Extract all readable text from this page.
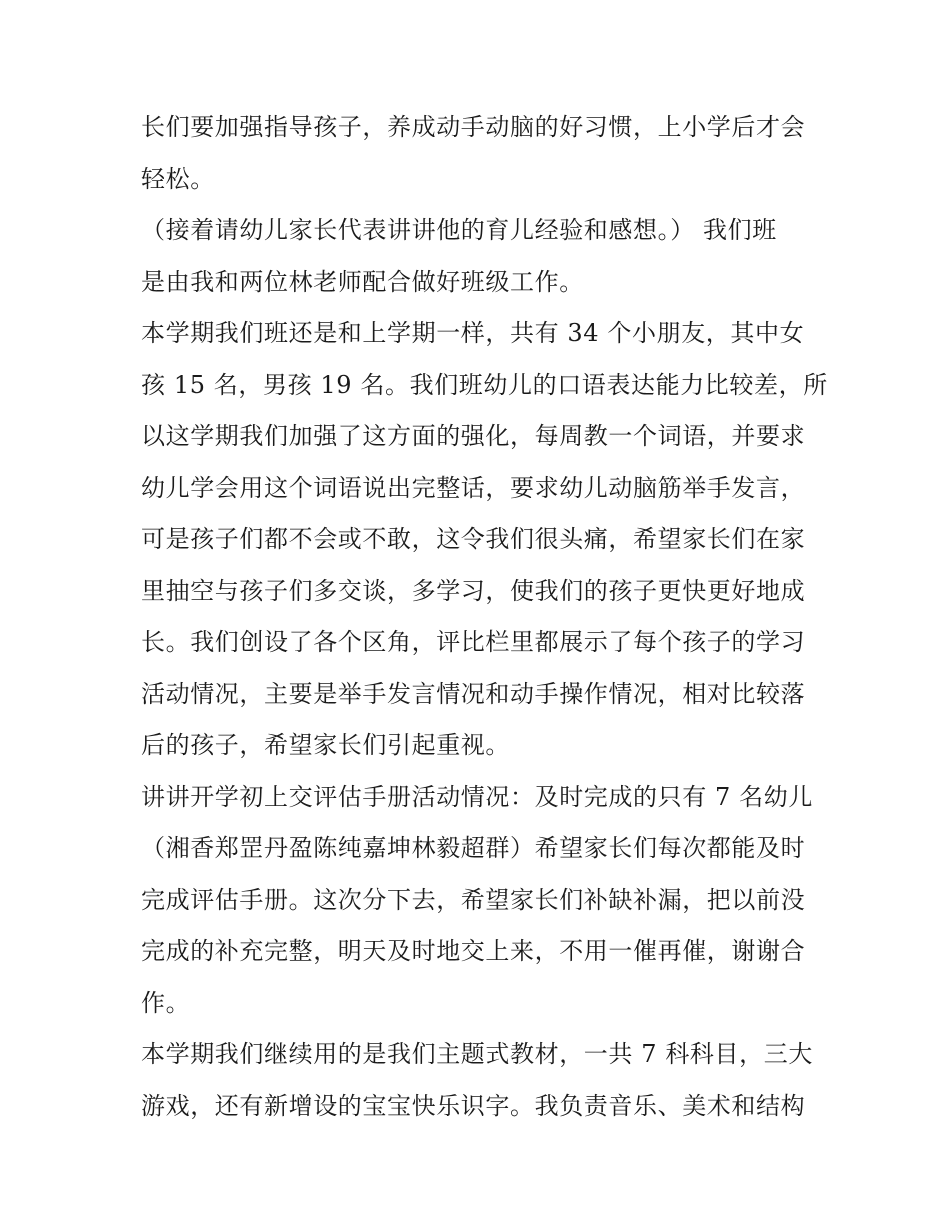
长们要加强指导孩子，养成动手动脑的好习惯，上小学后才会
轻松。
（接着请幼儿家长代表讲讲他的育儿经验和感想。） 我们班
是由我和两位林老师配合做好班级工作。
本学期我们班还是和上学期一样，共有 34 个小朋友，其中女
孩 15 名，男孩 19 名。我们班幼儿的口语表达能力比较差，所
以这学期我们加强了这方面的强化，每周教一个词语，并要求
幼儿学会用这个词语说出完整话，要求幼儿动脑筋举手发言，
可是孩子们都不会或不敢，这令我们很头痛，希望家长们在家
里抽空与孩子们多交谈，多学习，使我们的孩子更快更好地成
长。我们创设了各个区角，评比栏里都展示了每个孩子的学习
活动情况，主要是举手发言情况和动手操作情况，相对比较落
后的孩子，希望家长们引起重视。
讲讲开学初上交评估手册活动情况：及时完成的只有 7 名幼儿
（湘香郑罡丹盈陈纯嘉坤林毅超群）希望家长们每次都能及时
完成评估手册。这次分下去，希望家长们补缺补漏，把以前没
完成的补充完整，明天及时地交上来，不用一催再催，谢谢合
作。
本学期我们继续用的是我们主题式教材，一共 7 科科目，三大
游戏，还有新增设的宝宝快乐识字。我负责音乐、美术和结构
